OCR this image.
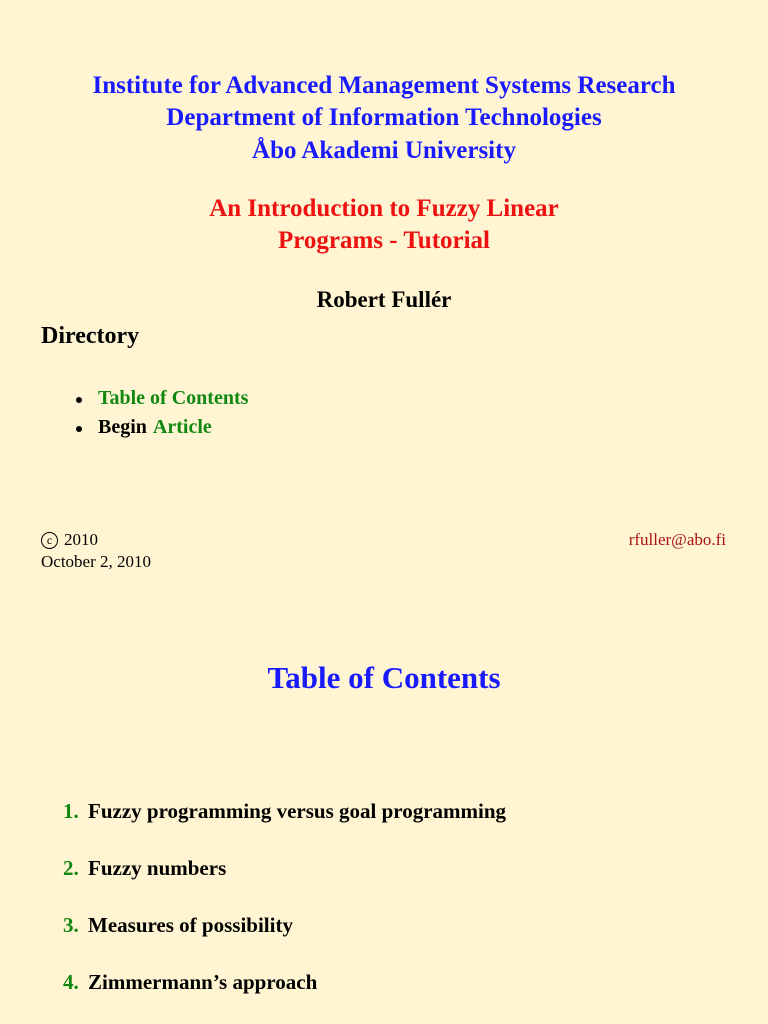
Institute for Advanced Management Systems Research
Department of Information Technologies
Åbo Akademi University
An Introduction to Fuzzy Linear
Programs - Tutorial
Robert Fullér
Directory
Table of Contents
Begin Article
c 2010
October 2, 2010
rfuller@abo.fi
Table of Contents
1. Fuzzy programming versus goal programming
2. Fuzzy numbers
3. Measures of possibility
4. Zimmermann’s approach
